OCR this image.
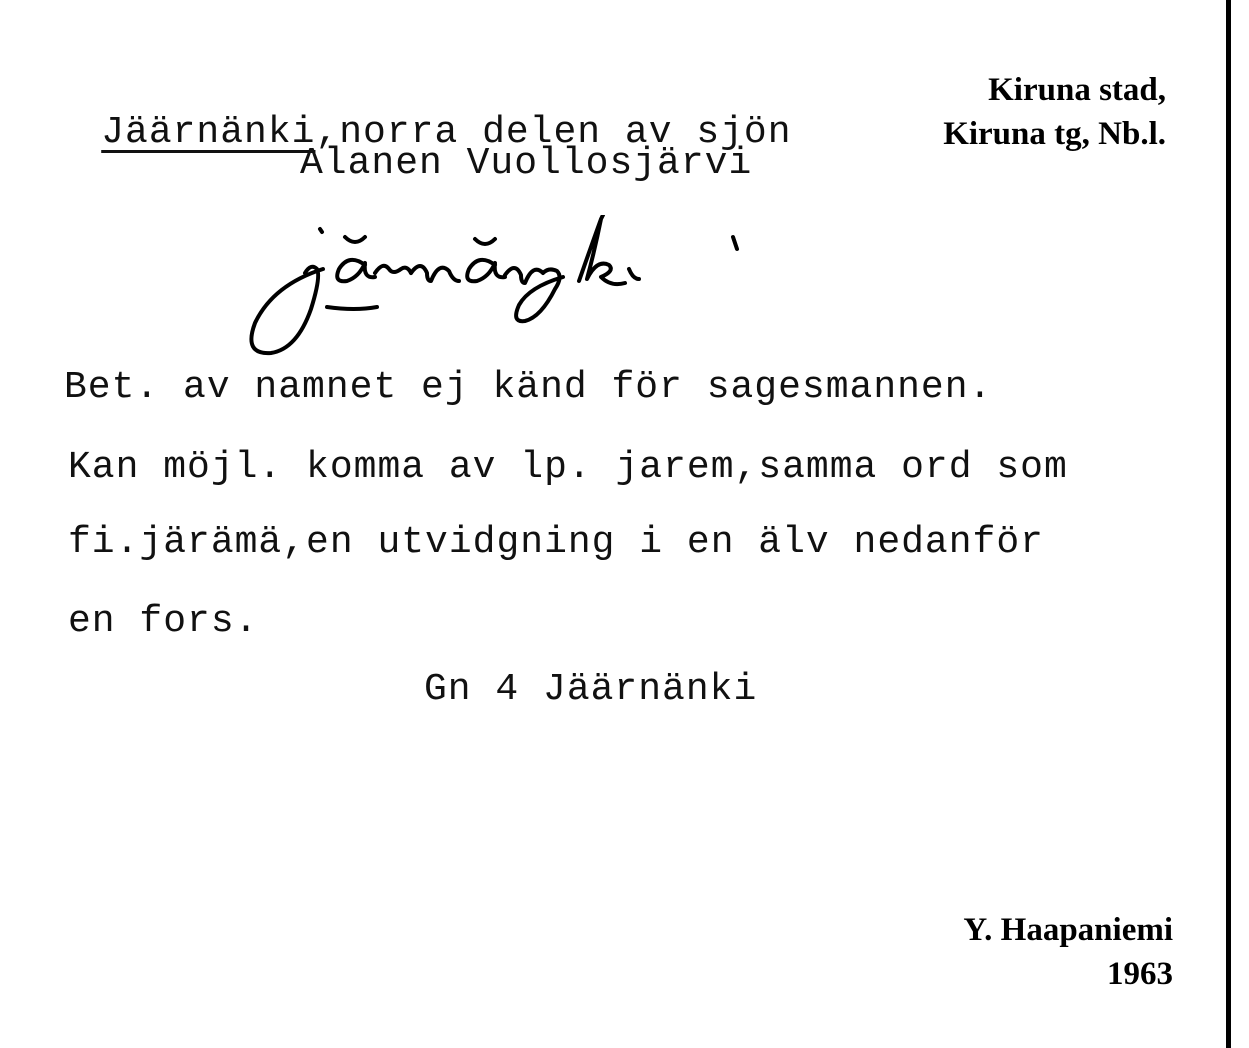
Jäärnänki,norra delen av sjön

Alanen Vuollosjärvi
Kiruna stad,
Kiruna tg, Nb.l.
Bet. av namnet ej känd för sagesmannen.
Kan möjl. komma av lp. jarem,samma ord som
fi.järämä,en utvidgning i en älv nedanför
en fors.
Gn 4 Jäärnänki
Y. Haapaniemi
1963
